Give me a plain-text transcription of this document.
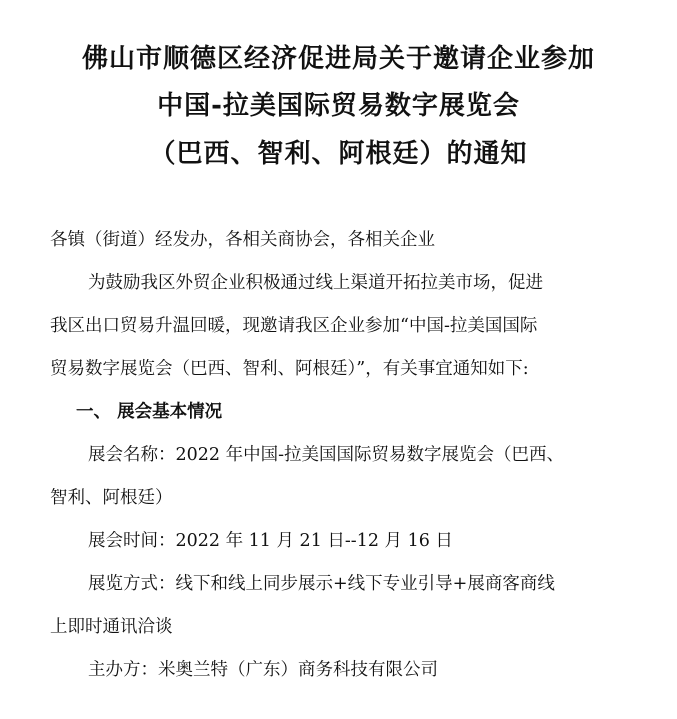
佛山市顺德区经济促进局关于邀请企业参加
中国-拉美国际贸易数字展览会
（巴西、智利、阿根廷）的通知
各镇（街道）经发办，各相关商协会，各相关企业
为鼓励我区外贸企业积极通过线上渠道开拓拉美市场，促进
我区出口贸易升温回暖，现邀请我区企业参加“中国-拉美国国际
贸易数字展览会（巴西、智利、阿根廷）”，有关事宜通知如下:
一、 展会基本情况
展会名称：2022 年中国-拉美国国际贸易数字展览会（巴西、
智利、阿根廷）
展会时间：2022 年 11 月 21 日--12 月 16 日
展览方式：线下和线上同步展示+线下专业引导+展商客商线
上即时通讯洽谈
主办方：米奥兰特（广东）商务科技有限公司
